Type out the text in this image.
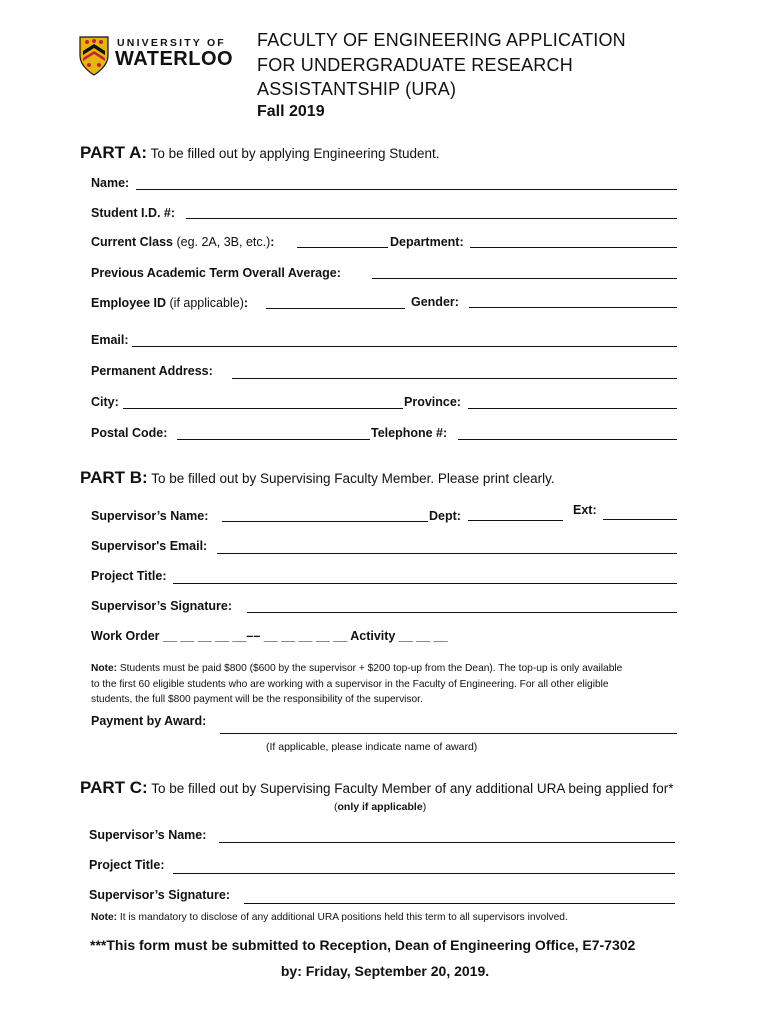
UNIVERSITY OF
WATERLOO
FACULTY OF ENGINEERING APPLICATION
FOR UNDERGRADUATE RESEARCH
ASSISTANTSHIP (URA)
Fall 2019
PART A: To be filled out by applying Engineering Student.
Name:
Student I.D. #:
Current Class (eg. 2A, 3B, etc.):	Department:
Previous Academic Term Overall Average:
Employee ID (if applicable):	Gender:
Email:
Permanent Address:
City:	Province:
Postal Code:	Telephone #:
PART B: To be filled out by Supervising Faculty Member. Please print clearly.
Supervisor’s Name:	Dept:	Ext:
Supervisor's Email:
Project Title:
Supervisor’s Signature:
Work Order __ __ __ __ __–– __ __ __ __ __ Activity __ __ __
Note: Students must be paid $800 ($600 by the supervisor + $200 top-up from the Dean). The top-up is only available
to the first 60 eligible students who are working with a supervisor in the Faculty of Engineering. For all other eligible
students, the full $800 payment will be the responsibility of the supervisor.
Payment by Award:
(If applicable, please indicate name of award)
PART C: To be filled out by Supervising Faculty Member of any additional URA being applied for*
(only if applicable)
Supervisor’s Name:
Project Title:
Supervisor’s Signature:
Note: It is mandatory to disclose of any additional URA positions held this term to all supervisors involved.
***This form must be submitted to Reception, Dean of Engineering Office, E7-7302
by: Friday, September 20, 2019.
